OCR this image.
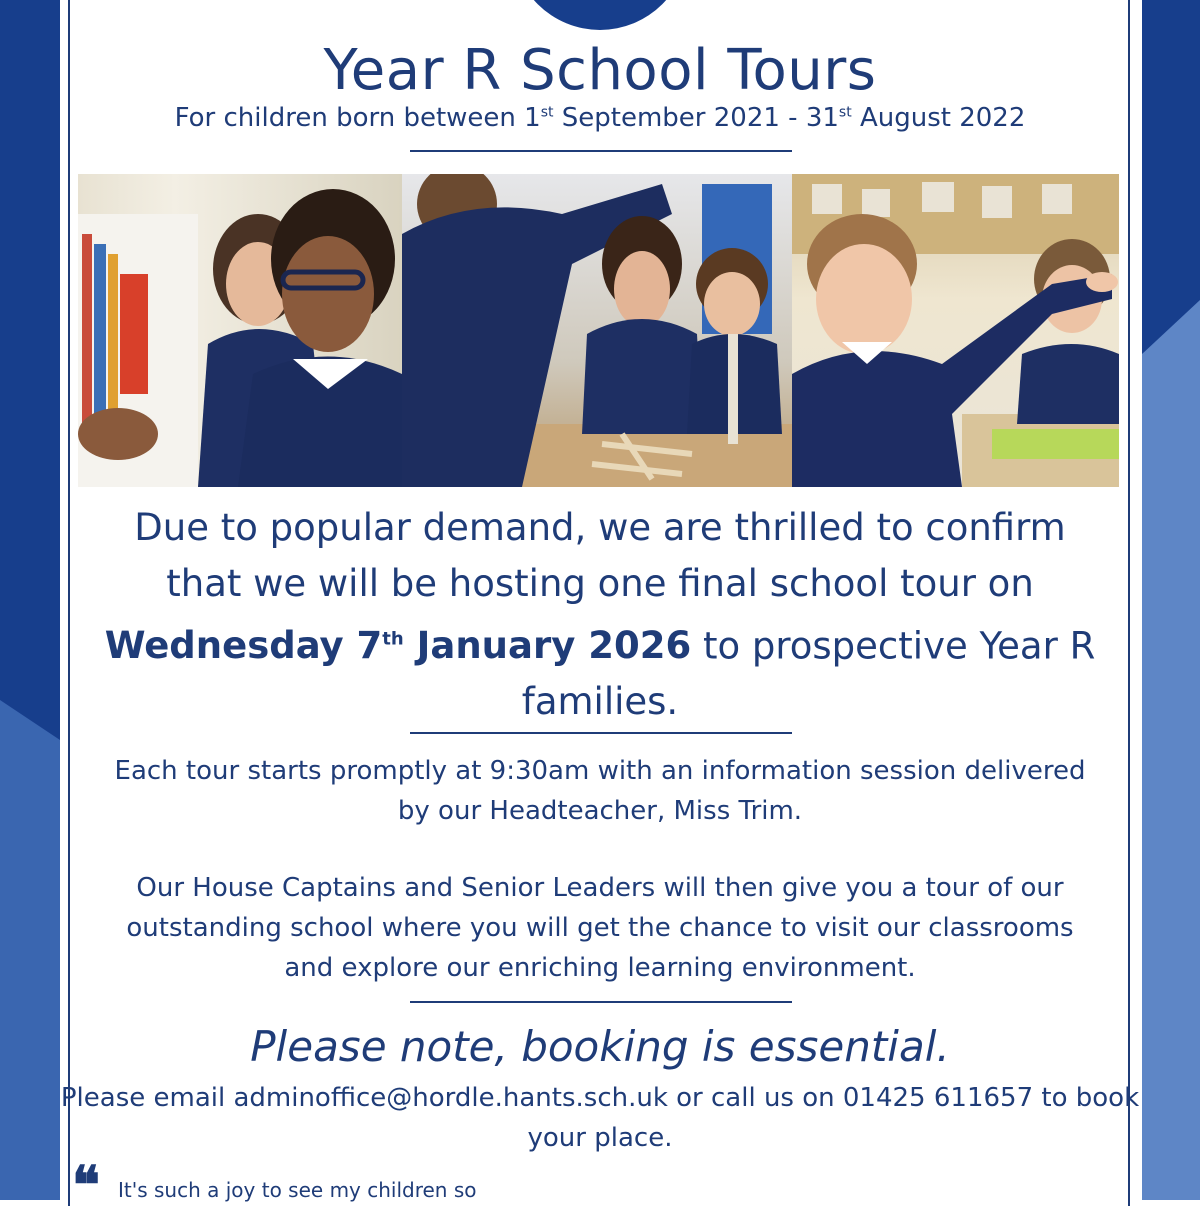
Year R School Tours
For children born between 1st September 2021 - 31st August 2022
Due to popular demand, we are thrilled to confirm
that we will be hosting one final school tour on
Wednesday 7th January 2026 to prospective Year R
families.
Each tour starts promptly at 9:30am with an information session delivered by our Headteacher, Miss Trim.
Our House Captains and Senior Leaders will then give you a tour of our outstanding school where you will get the chance to visit our classrooms and explore our enriching learning environment.
Please note, booking is essential.
Please email adminoffice@hordle.hants.sch.uk or call us on 01425 611657 to book your place.
❝ It's such a joy to see my children so
